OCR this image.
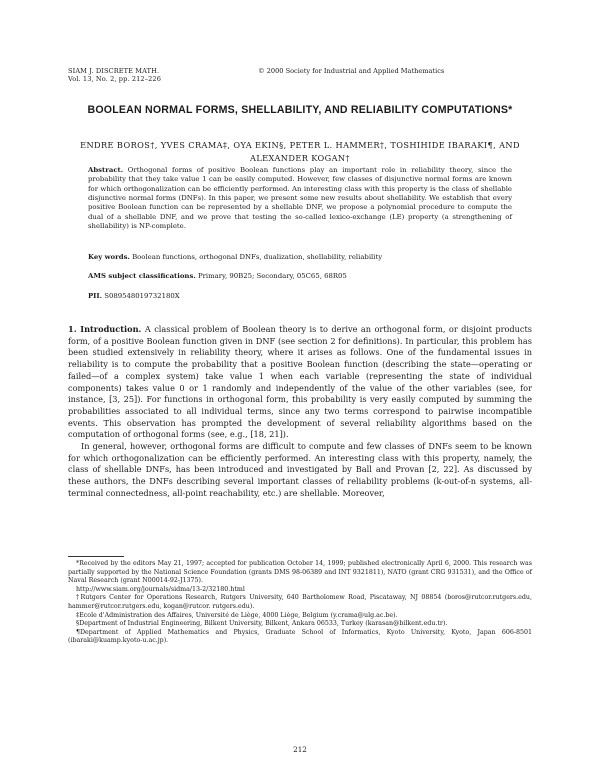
SIAM J. DISCRETE MATH.
Vol. 13, No. 2, pp. 212–226
© 2000 Society for Industrial and Applied Mathematics
BOOLEAN NORMAL FORMS, SHELLABILITY, AND RELIABILITY COMPUTATIONS*
ENDRE BOROS†, YVES CRAMA‡, OYA EKIN§, PETER L. HAMMER†, TOSHIHIDE IBARAKI¶, AND ALEXANDER KOGAN†
Abstract. Orthogonal forms of positive Boolean functions play an important role in reliability theory, since the probability that they take value 1 can be easily computed. However, few classes of disjunctive normal forms are known for which orthogonalization can be efficiently performed. An interesting class with this property is the class of shellable disjunctive normal forms (DNFs). In this paper, we present some new results about shellability. We establish that every positive Boolean function can be represented by a shellable DNF, we propose a polynomial procedure to compute the dual of a shellable DNF, and we prove that testing the so-called lexico-exchange (LE) property (a strengthening of shellability) is NP-complete.
Key words. Boolean functions, orthogonal DNFs, dualization, shellability, reliability
AMS subject classifications. Primary, 90B25; Secondary, 05C65, 68R05
PII. S089548019732180X

1. Introduction. A classical problem of Boolean theory is to derive an orthogonal form, or disjoint products form, of a positive Boolean function given in DNF (see section 2 for definitions). In particular, this problem has been studied extensively in reliability theory, where it arises as follows. One of the fundamental issues in reliability is to compute the probability that a positive Boolean function (describing the state—operating or failed—of a complex system) take value 1 when each variable (representing the state of individual components) takes value 0 or 1 randomly and independently of the value of the other variables (see, for instance, [3, 25]). For functions in orthogonal form, this probability is very easily computed by summing the probabilities associated to all individual terms, since any two terms correspond to pairwise incompatible events. This observation has prompted the development of several reliability algorithms based on the computation of orthogonal forms (see, e.g., [18, 21]).

In general, however, orthogonal forms are difficult to compute and few classes of DNFs seem to be known for which orthogonalization can be efficiently performed. An interesting class with this property, namely, the class of shellable DNFs, has been introduced and investigated by Ball and Provan [2, 22]. As discussed by these authors, the DNFs describing several important classes of reliability problems (k-out-of-n systems, all-terminal connectedness, all-point reachability, etc.) are shellable. Moreover,

*Received by the editors May 21, 1997; accepted for publication October 14, 1999; published electronically April 6, 2000. This research was partially supported by the National Science Foundation (grants DMS 98-06389 and INT 9321811), NATO (grant CRG 931531), and the Office of Naval Research (grant N00014-92-J1375).

http://www.siam.org/journals/sidma/13-2/32180.html

†Rutgers Center for Operations Research, Rutgers University, 640 Bartholomew Road, Piscataway, NJ 08854 (boros@rutcor.rutgers.edu, hammer@rutcor.rutgers.edu, kogan@rutcor. rutgers.edu).

‡Ecole d'Administration des Affaires, Université de Liège, 4000 Liège, Belgium (y.crama@ulg.ac.be).

§Department of Industrial Engineering, Bilkent University, Bilkent, Ankara 06533, Turkey (karasan@bilkent.edu.tr).

¶Department of Applied Mathematics and Physics, Graduate School of Informatics, Kyoto University, Kyoto, Japan 606-8501 (ibaraki@kuamp.kyoto-u.ac.jp).

212
